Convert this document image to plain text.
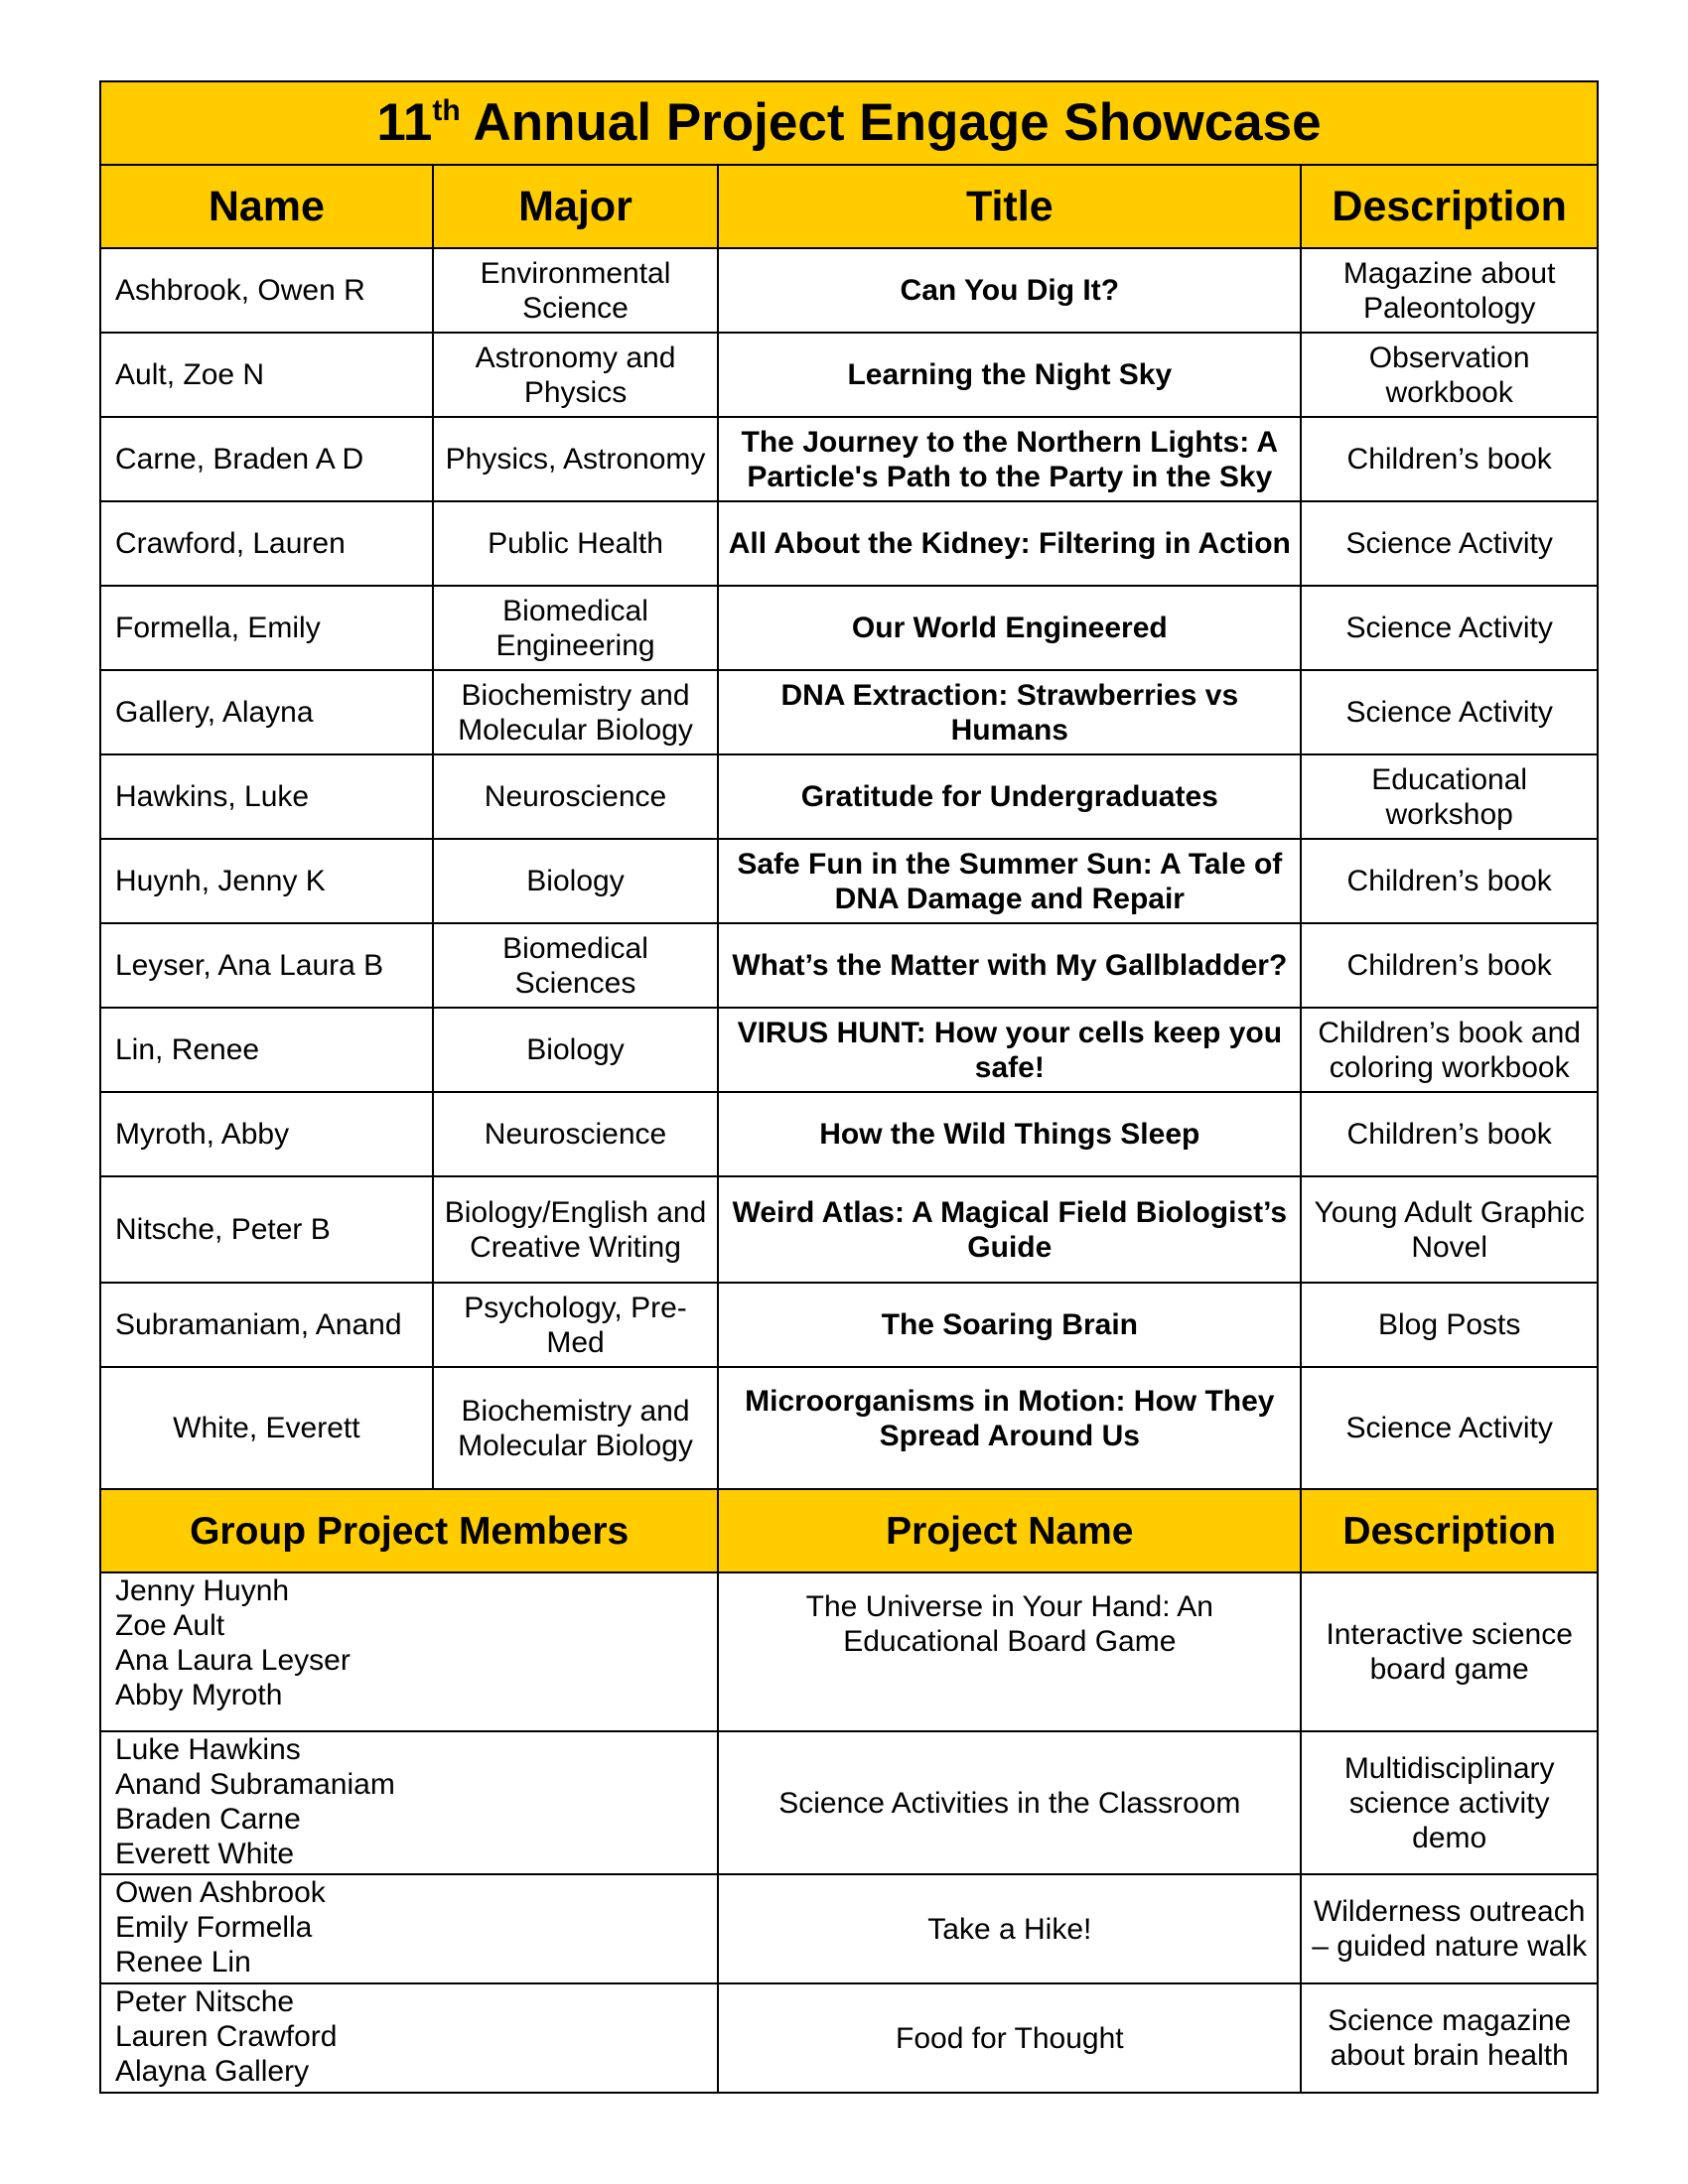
11th Annual Project Engage Showcase			
Name	Major	Title	Description
Ashbrook, Owen R	Environmental Science	Can You Dig It?	Magazine about Paleontology
Ault, Zoe N	Astronomy and Physics	Learning the Night Sky	Observation workbook
Carne, Braden A D	Physics, Astronomy	The Journey to the Northern Lights: A Particle's Path to the Party in the Sky	Children’s book
Crawford, Lauren	Public Health	All About the Kidney: Filtering in Action	Science Activity
Formella, Emily	Biomedical Engineering	Our World Engineered	Science Activity
Gallery, Alayna	Biochemistry and Molecular Biology	DNA Extraction: Strawberries vs Humans	Science Activity
Hawkins, Luke	Neuroscience	Gratitude for Undergraduates	Educational workshop
Huynh, Jenny K	Biology	Safe Fun in the Summer Sun: A Tale of DNA Damage and Repair	Children’s book
Leyser, Ana Laura B	Biomedical Sciences	What’s the Matter with My Gallbladder?	Children’s book
Lin, Renee	Biology	VIRUS HUNT: How your cells keep you safe!	Children’s book and coloring workbook
Myroth, Abby	Neuroscience	How the Wild Things Sleep	Children’s book
Nitsche, Peter B	Biology/English and Creative Writing	Weird Atlas: A Magical Field Biologist’s Guide	Young Adult Graphic Novel
Subramaniam, Anand	Psychology, Pre-Med	The Soaring Brain	Blog Posts
White, Everett	Biochemistry and Molecular Biology	Microorganisms in Motion: How They Spread Around Us	Science Activity
Group Project Members		Project Name	Description

Jenny Huynh
Zoe Ault
Ana Laura Leyser
Abby Myroth		The Universe in Your Hand: An Educational Board Game	Interactive science board game

Luke Hawkins
Anand Subramaniam
Braden Carne
Everett White		Science Activities in the Classroom	Multidisciplinary science activity demo

Owen Ashbrook
Emily Formella
Renee Lin		Take a Hike!	Wilderness outreach – guided nature walk

Peter Nitsche
Lauren Crawford
Alayna Gallery		Food for Thought	Science magazine about brain health
